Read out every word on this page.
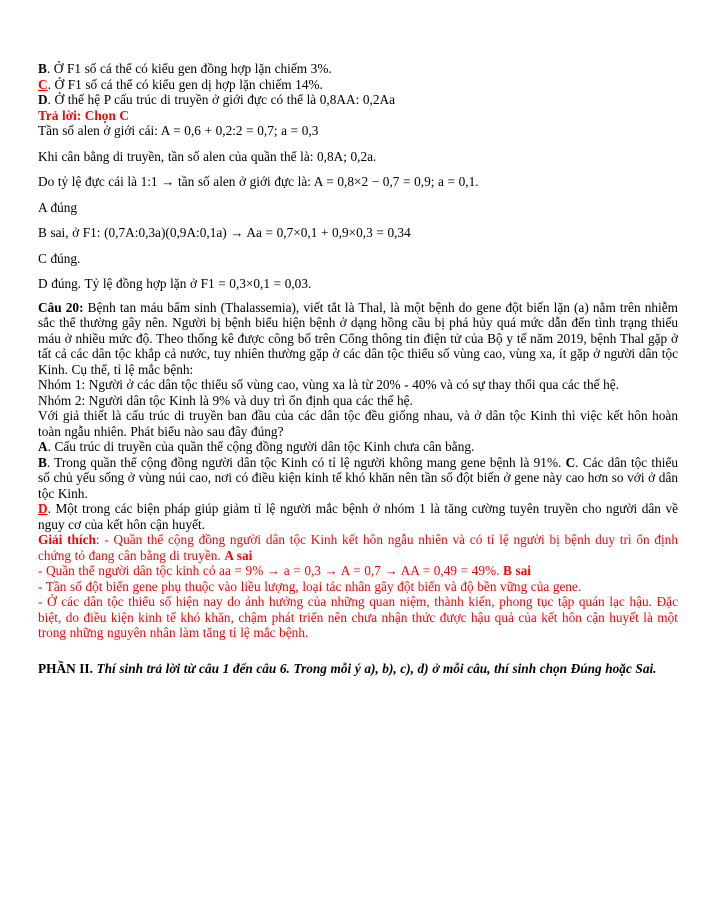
B. Ở F1 số cá thể có kiểu gen đồng hợp lặn chiếm 3%.

C. Ở F1 số cá thể có kiểu gen dị hợp lặn chiếm 14%.

D. Ở thế hệ P cấu trúc di truyền ở giới đực có thể là 0,8AA: 0,2Aa

Trả lời: Chọn C

Tần số alen ở giới cái: A = 0,6 + 0,2:2 = 0,7; a = 0,3

Khi cân bằng di truyền, tần số alen của quần thể là: 0,8A; 0,2a.

Do tỷ lệ đực cái là 1:1 → tần số alen ở giới đực là: A = 0,8×2 − 0,7 = 0,9; a = 0,1.

A đúng

B sai, ở F1: (0,7A:0,3a)(0,9A:0,1a) → Aa = 0,7×0,1 + 0,9×0,3 = 0,34

C đúng.

D đúng. Tỷ lệ đồng hợp lặn ở F1 = 0,3×0,1 = 0,03.

Câu 20: Bệnh tan máu bẩm sinh (Thalassemia), viết tắt là Thal, là một bệnh do gene đột biến lặn (a) nằm trên nhiễm sắc thể thường gây nên. Người bị bệnh biểu hiện bệnh ở dạng hồng cầu bị phá hủy quá mức dẫn đến tình trạng thiếu máu ở nhiều mức độ. Theo thống kê được công bố trên Cổng thông tin điện tử của Bộ y tế năm 2019, bệnh Thal gặp ở tất cả các dân tộc khắp cả nước, tuy nhiên thường gặp ở các dân tộc thiểu số vùng cao, vùng xa, ít gặp ở người dân tộc Kinh. Cụ thể, tỉ lệ mắc bệnh:

Nhóm 1: Người ở các dân tộc thiểu số vùng cao, vùng xa là từ 20% - 40% và có sự thay thổi qua các thế hệ.

Nhóm 2: Người dân tộc Kinh là 9% và duy trì ổn định qua các thế hệ.

Với giả thiết là cấu trúc di truyền ban đầu của các dân tộc đều giống nhau, và ở dân tộc Kinh thì việc kết hôn hoàn toàn ngẫu nhiên. Phát biểu nào sau đây đúng?

A. Cấu trúc di truyền của quần thể cộng đồng người dân tộc Kinh chưa cân bằng.

B. Trong quần thể cộng đồng người dân tộc Kinh có tỉ lệ người không mang gene bệnh là 91%. C. Các dân tộc thiểu số chủ yếu sống ở vùng núi cao, nơi có điều kiện kinh tế khó khăn nên tần số đột biến ở gene này cao hơn so với ở dân tộc Kinh.

D. Một trong các biện pháp giúp giảm tỉ lệ người mắc bệnh ở nhóm 1 là tăng cường tuyên truyền cho người dân về nguy cơ của kết hôn cận huyết.

Giải thích: - Quần thể cộng đồng người dân tộc Kinh kết hôn ngẫu nhiên và có tỉ lệ người bị bệnh duy trì ổn định chứng tỏ đang cân bằng di truyền. A sai

- Quần thể người dân tộc kinh có aa = 9% → a = 0,3 → A = 0,7 → AA = 0,49 = 49%. B sai

- Tần số đột biến gene phụ thuộc vào liều lượng, loại tác nhân gây đột biến và độ bền vững của gene.

- Ở các dân tộc thiểu số hiện nay do ảnh hưởng của những quan niệm, thành kiến, phong tục tập quán lạc hậu. Đặc biệt, do điều kiện kinh tế khó khăn, chậm phát triển nên chưa nhận thức được hậu quả của kết hôn cận huyết là một trong những nguyên nhân làm tăng tỉ lệ mắc bệnh.

PHẦN II. Thí sinh trả lời từ câu 1 đến câu 6. Trong mỗi ý a), b), c), d) ở mỗi câu, thí sinh chọn Đúng hoặc Sai.
